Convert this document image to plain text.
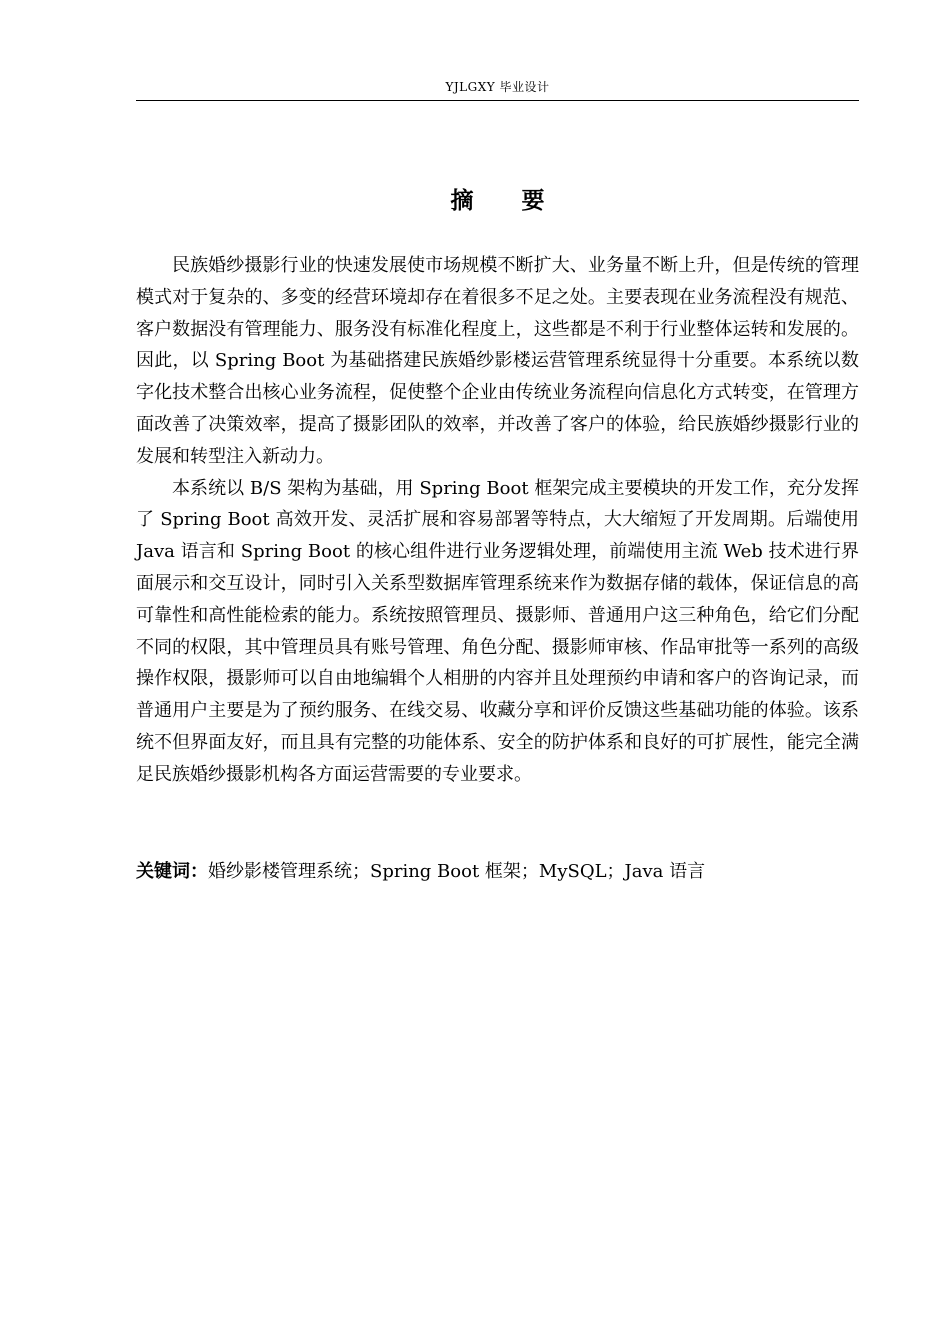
YJLGXY 毕业设计
摘 要

民族婚纱摄影行业的快速发展使市场规模不断扩大、业务量不断上升，但是传统的管理模式对于复杂的、多变的经营环境却存在着很多不足之处。主要表现在业务流程没有规范、客户数据没有管理能力、服务没有标准化程度上，这些都是不利于行业整体运转和发展的。因此，以 Spring Boot 为基础搭建民族婚纱影楼运营管理系统显得十分重要。本系统以数字化技术整合出核心业务流程，促使整个企业由传统业务流程向信息化方式转变，在管理方面改善了决策效率，提高了摄影团队的效率，并改善了客户的体验，给民族婚纱摄影行业的发展和转型注入新动力。

本系统以 B/S 架构为基础，用 Spring Boot 框架完成主要模块的开发工作，充分发挥了 Spring Boot 高效开发、灵活扩展和容易部署等特点，大大缩短了开发周期。后端使用 Java 语言和 Spring Boot 的核心组件进行业务逻辑处理，前端使用主流 Web 技术进行界面展示和交互设计，同时引入关系型数据库管理系统来作为数据存储的载体，保证信息的高可靠性和高性能检索的能力。系统按照管理员、摄影师、普通用户这三种角色，给它们分配不同的权限，其中管理员具有账号管理、角色分配、摄影师审核、作品审批等一系列的高级操作权限，摄影师可以自由地编辑个人相册的内容并且处理预约申请和客户的咨询记录，而普通用户主要是为了预约服务、在线交易、收藏分享和评价反馈这些基础功能的体验。该系统不但界面友好，而且具有完整的功能体系、安全的防护体系和良好的可扩展性，能完全满足民族婚纱摄影机构各方面运营需要的专业要求。

关键词：婚纱影楼管理系统；Spring Boot 框架；MySQL；Java 语言
